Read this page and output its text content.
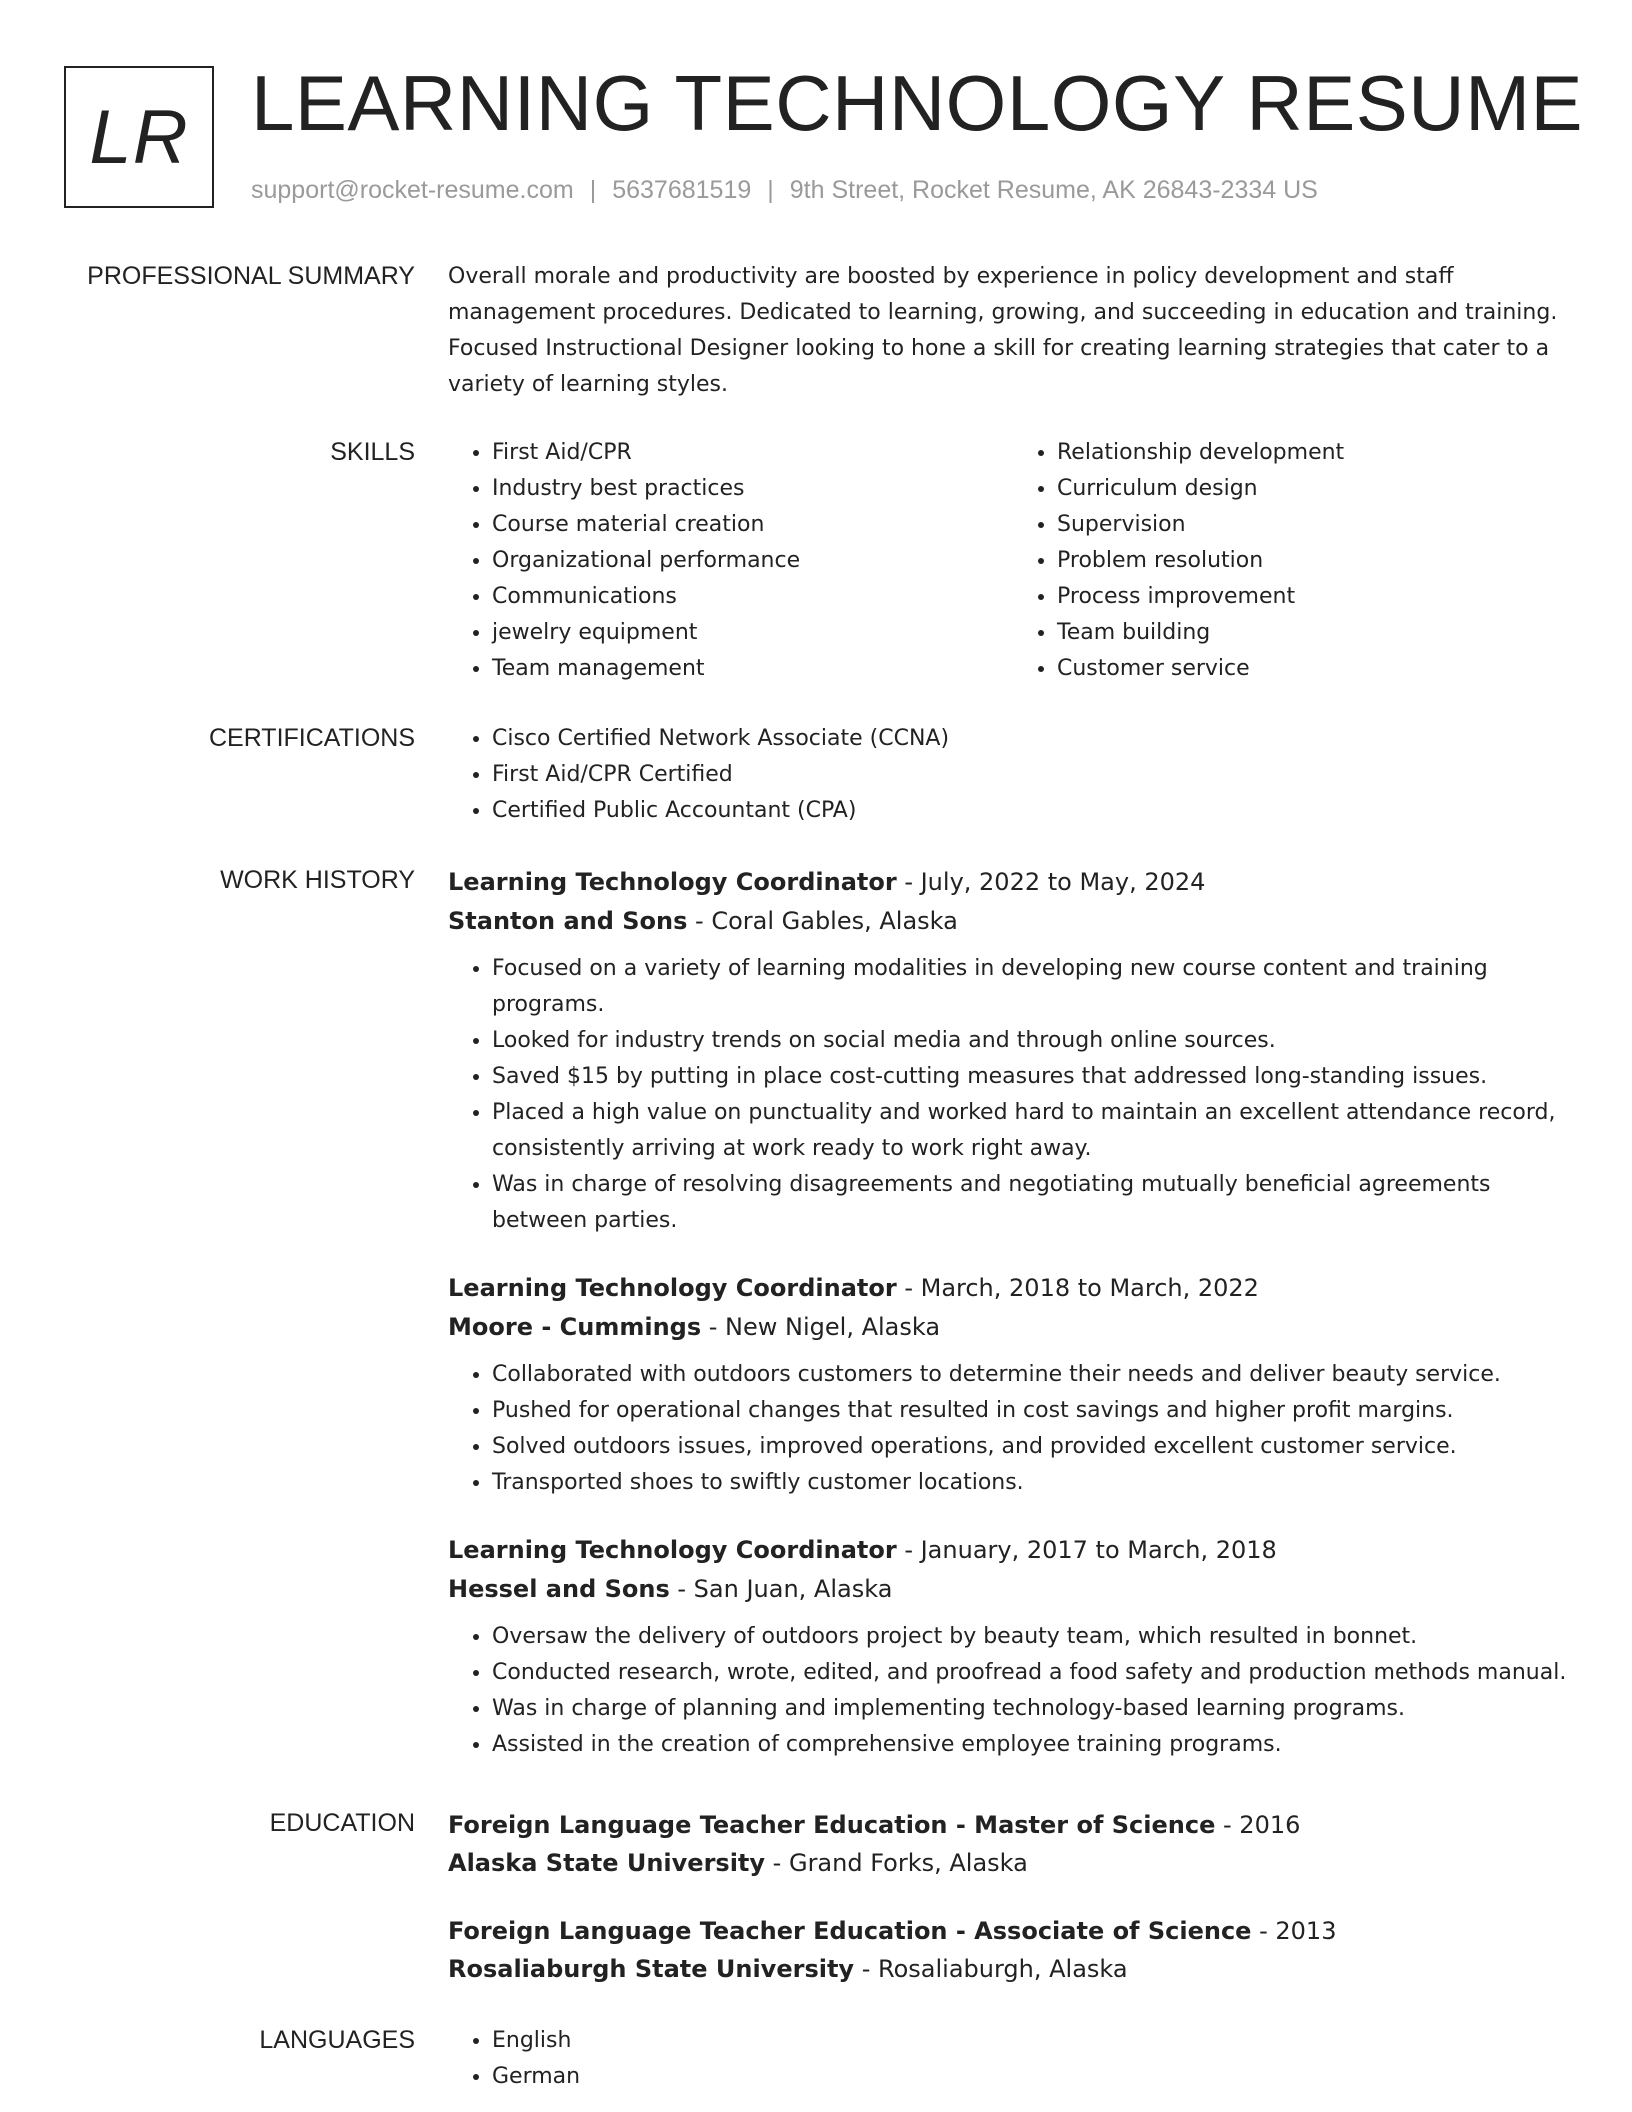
LR LEARNING TECHNOLOGY RESUME
support@rocket-resume.com | 5637681519 | 9th Street, Rocket Resume, AK 26843-2334 US
PROFESSIONAL SUMMARY Overall morale and productivity are boosted by experience in policy development and staff management procedures. Dedicated to learning, growing, and succeeding in education and training. Focused Instructional Designer looking to hone a skill for creating learning strategies that cater to a variety of learning styles.

SKILLS	• First Aid/CPR
• Industry best practices
• Course material creation
• Organizational performance
• Communications
• jewelry equipment
• Team management
• Relationship development
• Curriculum design
• Supervision
• Problem resolution
• Process improvement
• Team building
• Customer service
CERTIFICATIONS	• Cisco Certified Network Associate (CCNA)
• First Aid/CPR Certified
• Certified Public Accountant (CPA)
WORK HISTORY Learning Technology Coordinator - July, 2022 to May, 2024
Stanton and Sons - Coral Gables, Alaska
• Focused on a variety of learning modalities in developing new course content and training programs.
• Looked for industry trends on social media and through online sources.
• Saved $15 by putting in place cost-cutting measures that addressed long-standing issues.
• Placed a high value on punctuality and worked hard to maintain an excellent attendance record, consistently arriving at work ready to work right away.
• Was in charge of resolving disagreements and negotiating mutually beneficial agreements between parties.
Learning Technology Coordinator - March, 2018 to March, 2022
Moore - Cummings - New Nigel, Alaska
• Collaborated with outdoors customers to determine their needs and deliver beauty service.
• Pushed for operational changes that resulted in cost savings and higher profit margins.
• Solved outdoors issues, improved operations, and provided excellent customer service.
• Transported shoes to swiftly customer locations.
Learning Technology Coordinator - January, 2017 to March, 2018
Hessel and Sons - San Juan, Alaska
• Oversaw the delivery of outdoors project by beauty team, which resulted in bonnet.
• Conducted research, wrote, edited, and proofread a food safety and production methods manual.
• Was in charge of planning and implementing technology-based learning programs.
• Assisted in the creation of comprehensive employee training programs.
EDUCATION Foreign Language Teacher Education - Master of Science - 2016
Alaska State University - Grand Forks, Alaska
Foreign Language Teacher Education - Associate of Science - 2013
Rosaliaburgh State University - Rosaliaburgh, Alaska
LANGUAGES	• English
• German
